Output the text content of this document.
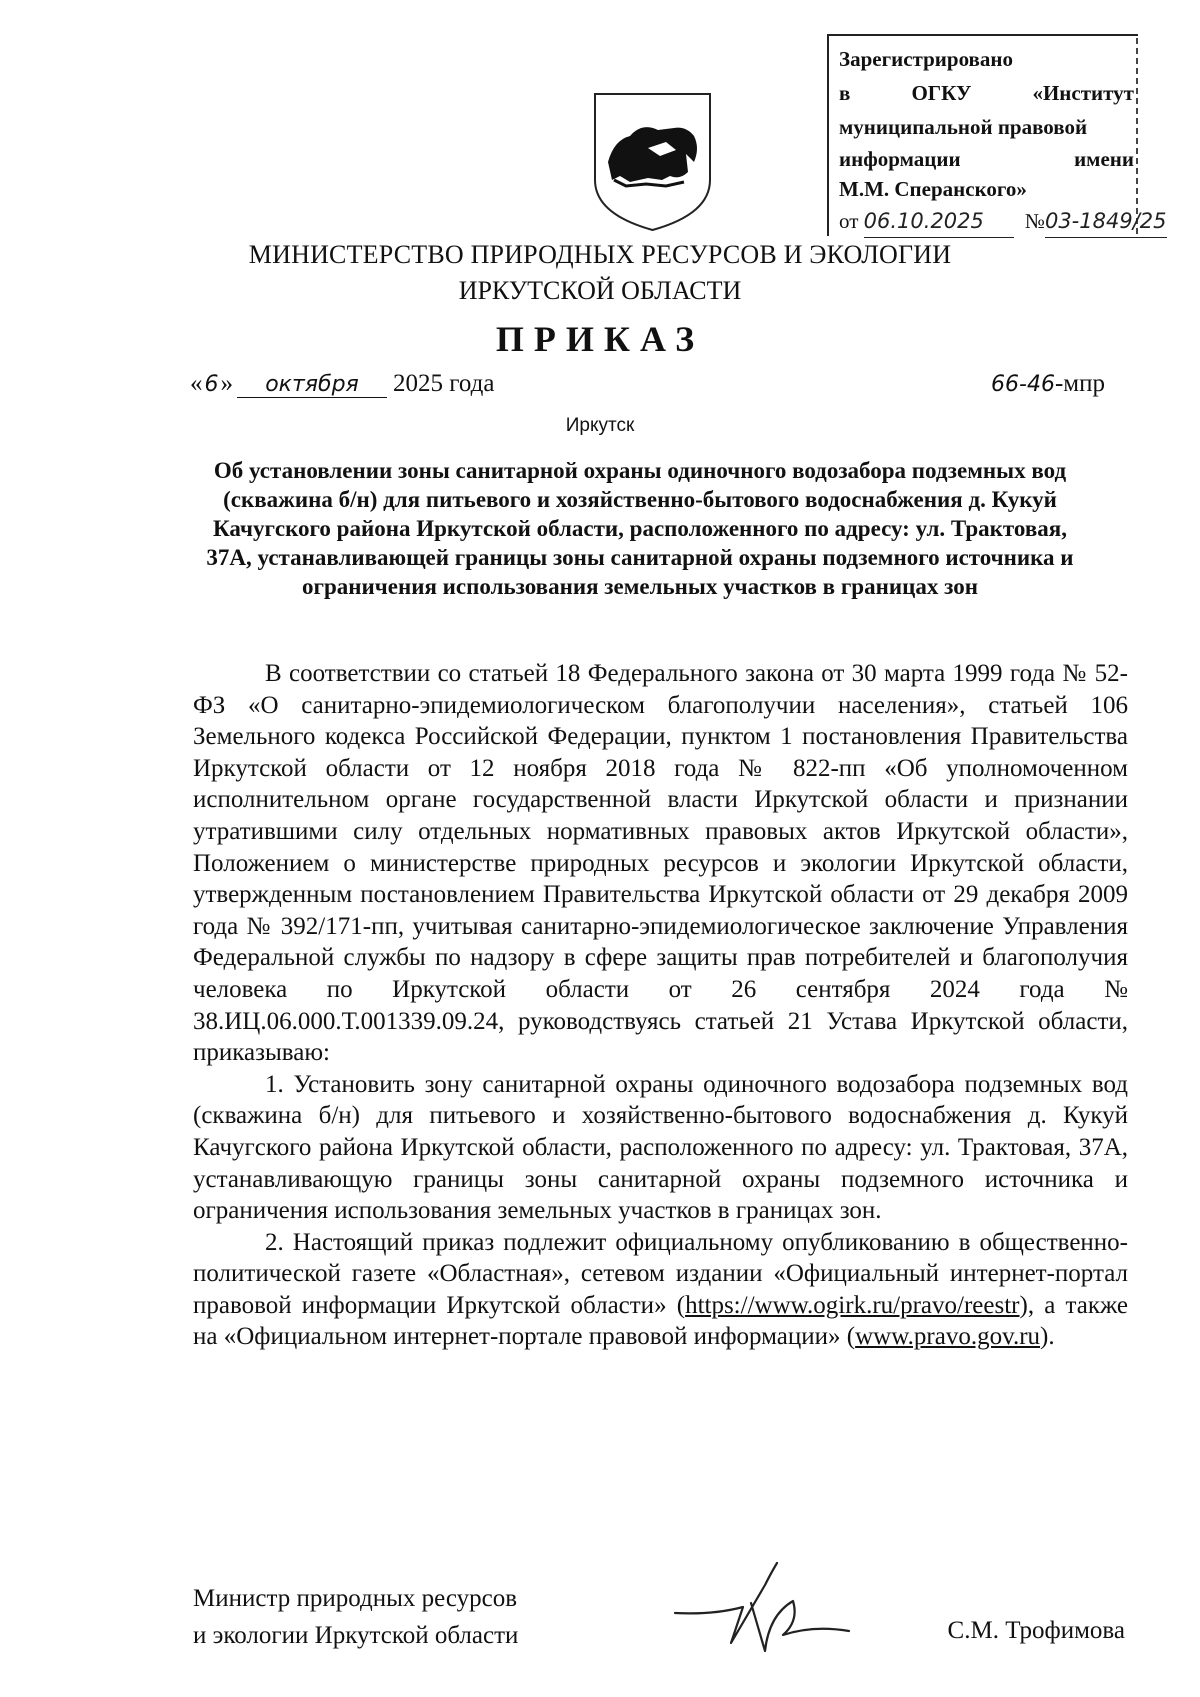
Зарегистрировано
в	ОГКУ	«Институт
муниципальной правовой
информации	имени
М.М. Сперанского»
от 06.10.2025 №03-1849/25
МИНИСТЕРСТВО ПРИРОДНЫХ РЕСУРСОВ И ЭКОЛОГИИ
ИРКУТСКОЙ ОБЛАСТИ
ПРИКАЗ
«6» октября 2025 года	66-46-мпр
Иркутск
Об установлении зоны санитарной охраны одиночного водозабора подземных вод (скважина б/н) для питьевого и хозяйственно-бытового водоснабжения д. Кукуй Качугского района Иркутской области, расположенного по адресу: ул. Трактовая, 37А, устанавливающей границы зоны санитарной охраны подземного источника и ограничения использования земельных участков в границах зон

В соответствии со статьей 18 Федерального закона от 30 марта 1999 года № 52-ФЗ «О санитарно-эпидемиологическом благополучии населения», статьей 106 Земельного кодекса Российской Федерации, пунктом 1 постановления Правительства Иркутской области от 12 ноября 2018 года № 822-пп «Об уполномоченном исполнительном органе государственной власти Иркутской области и признании утратившими силу отдельных нормативных правовых актов Иркутской области», Положением о министерстве природных ресурсов и экологии Иркутской области, утвержденным постановлением Правительства Иркутской области от 29 декабря 2009 года № 392/171-пп, учитывая санитарно-эпидемиологическое заключение Управления Федеральной службы по надзору в сфере защиты прав потребителей и благополучия человека по Иркутской области от 26 сентября 2024 года № 38.ИЦ.06.000.Т.001339.09.24, руководствуясь статьей 21 Устава Иркутской области, приказываю:

1. Установить зону санитарной охраны одиночного водозабора подземных вод (скважина б/н) для питьевого и хозяйственно-бытового водоснабжения д. Кукуй Качугского района Иркутской области, расположенного по адресу: ул. Трактовая, 37А, устанавливающую границы зоны санитарной охраны подземного источника и ограничения использования земельных участков в границах зон.

2. Настоящий приказ подлежит официальному опубликованию в общественно-политической газете «Областная», сетевом издании «Официальный интернет-портал правовой информации Иркутской области» (https://www.ogirk.ru/pravo/reestr), а также на «Официальном интернет-портале правовой информации» (www.pravo.gov.ru).

Министр природных ресурсов
и экологии Иркутской области	С.М. Трофимова
